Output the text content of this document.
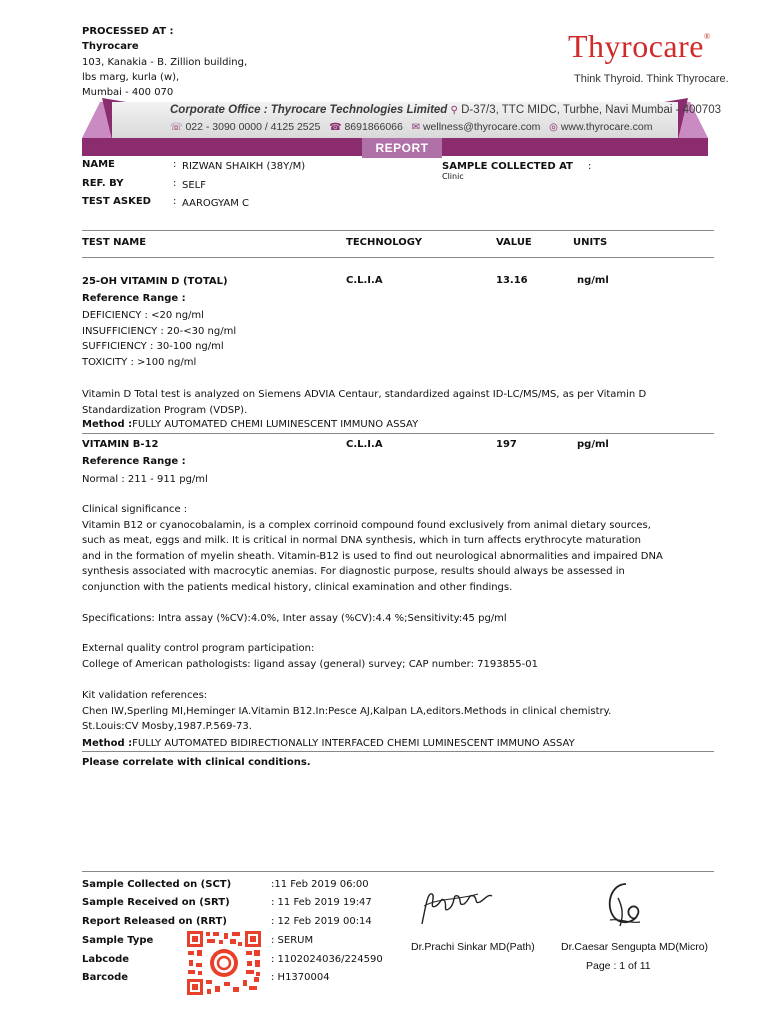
PROCESSED AT :
Thyrocare
103, Kanakia - B. Zillion building,
lbs marg, kurla (w),
Mumbai - 400 070
Thyrocare®
Think Thyroid. Think Thyrocare.
REPORT
Corporate Office : Thyrocare Technologies Limited ⚲ D-37/3, TTC MIDC, Turbhe, Navi Mumbai - 400703
☏ 022 - 3090 0000 / 4125 2525 ☎ 8691866066 ✉ wellness@thyrocare.com ◎ www.thyrocare.com
NAME	: RIZWAN SHAIKH (38Y/M)
REF. BY	: SELF
TEST ASKED : AAROGYAM C
SAMPLE COLLECTED AT :
Clinic
TEST NAME	TECHNOLOGY	VALUE	UNITS
25-OH VITAMIN D (TOTAL)	C.L.I.A	13.16	ng/ml
Reference Range :
DEFICIENCY : <20 ng/ml
INSUFFICIENCY : 20-<30 ng/ml
SUFFICIENCY : 30-100 ng/ml
TOXICITY : >100 ng/ml
Vitamin D Total test is analyzed on Siemens ADVIA Centaur, standardized against ID-LC/MS/MS, as per Vitamin D
Standardization Program (VDSP).
Method :FULLY AUTOMATED CHEMI LUMINESCENT IMMUNO ASSAY
VITAMIN B-12	C.L.I.A	197	pg/ml
Reference Range :
Normal : 211 - 911 pg/ml
Clinical significance :
Vitamin B12 or cyanocobalamin, is a complex corrinoid compound found exclusively from animal dietary sources,
such as meat, eggs and milk. It is critical in normal DNA synthesis, which in turn affects erythrocyte maturation
and in the formation of myelin sheath. Vitamin-B12 is used to find out neurological abnormalities and impaired DNA
synthesis associated with macrocytic anemias. For diagnostic purpose, results should always be assessed in
conjunction with the patients medical history, clinical examination and other findings.
Specifications: Intra assay (%CV):4.0%, Inter assay (%CV):4.4 %;Sensitivity:45 pg/ml
External quality control program participation:
College of American pathologists: ligand assay (general) survey; CAP number: 7193855-01
Kit validation references:
Chen IW,Sperling MI,Heminger IA.Vitamin B12.In:Pesce AJ,Kalpan LA,editors.Methods in clinical chemistry.
St.Louis:CV Mosby,1987.P.569-73.
Method :FULLY AUTOMATED BIDIRECTIONALLY INTERFACED CHEMI LUMINESCENT IMMUNO ASSAY
Please correlate with clinical conditions.
Sample Collected on (SCT)	:11 Feb 2019 06:00
Sample Received on (SRT)	: 11 Feb 2019 19:47
Report Released on (RRT)	: 12 Feb 2019 00:14
Sample Type	: SERUM
Labcode	: 1102024036/224590
Barcode	: H1370004
Dr.Prachi Sinkar MD(Path)	Dr.Caesar Sengupta MD(Micro)
Page : 1 of 11
